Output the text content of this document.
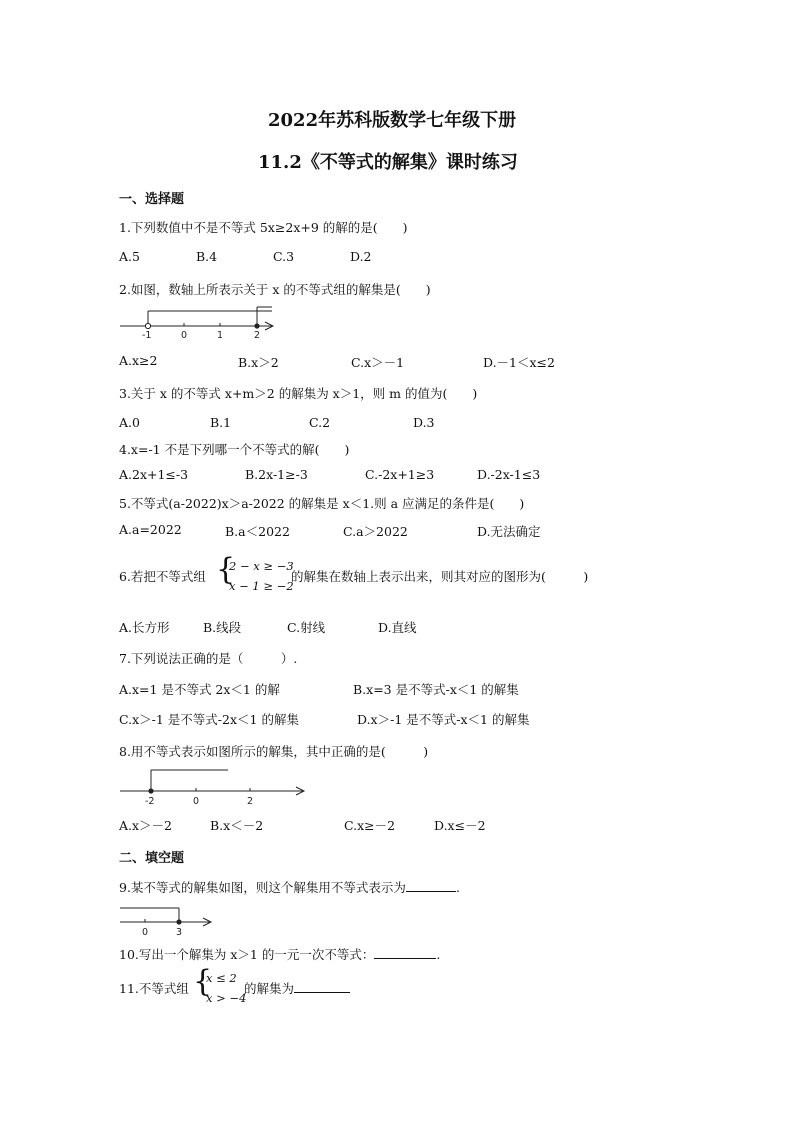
2022年苏科版数学七年级下册
11.2《不等式的解集》课时练习
一、选择题
1.下列数值中不是不等式 5x≥2x+9 的解的是(　　)
A.5	B.4	C.3	D.2
2.如图，数轴上所表示关于 x 的不等式组的解集是(　　)
-1	0	1	2
A.x≥2	B.x＞2	C.x＞－1	D.－1＜x≤2
3.关于 x 的不等式 x+m＞2 的解集为 x＞1，则 m 的值为(　　)
A.0	B.1	C.2	D.3
4.x=-1 不是下列哪一个不等式的解(　　)
A.2x+1≤-3	B.2x-1≥-3	C.-2x+1≥3	D.-2x-1≤3
5.不等式(a-2022)x＞a-2022 的解集是 x＜1.则 a 应满足的条件是(　　)
A.a=2022	B.a＜2022	C.a＞2022	D.无法确定
6.若把不等式组 {
2 − x ≥ −3
x − 1 ≥ −2
的解集在数轴上表示出来，则其对应的图形为(　　　)
A.长方形	B.线段	C.射线	D.直线
7.下列说法正确的是（　　　）.
A.x=1 是不等式 2x＜1 的解	B.x=3 是不等式-x＜1 的解集
C.x＞-1 是不等式-2x＜1 的解集	D.x＞-1 是不等式-x＜1 的解集
8.用不等式表示如图所示的解集，其中正确的是(　　　)
-2	0	2
A.x＞－2	B.x＜－2	C.x≥－2	D.x≤－2
二、填空题
9.某不等式的解集如图，则这个解集用不等式表示为	.
0	3
10.写出一个解集为 x＞1 的一元一次不等式：	.
11.不等式组 {
x ≤ 2
x > −4
的解集为
